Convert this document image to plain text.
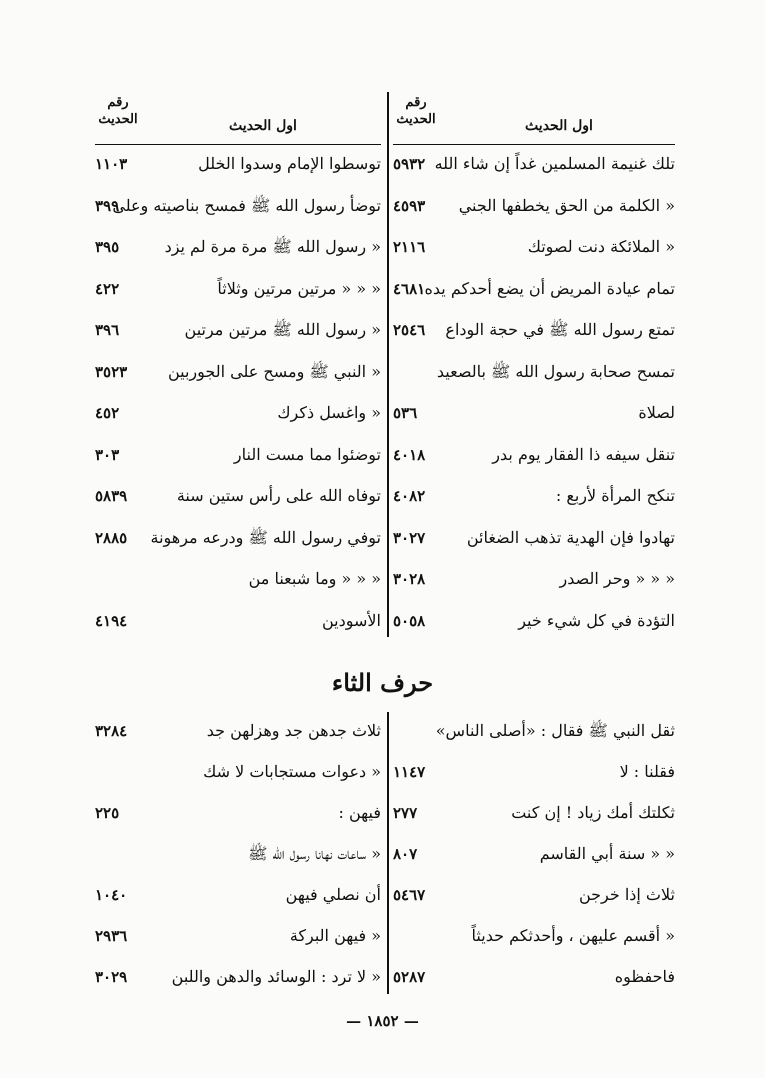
رقم
الحديث	اول الحديث
تلك غنيمة المسلمين غداً إن شاء الله
٥٩٣٢
« الكلمة من الحق يخطفها الجني
٤٥٩٣
« الملائكة دنت لصوتك
٢١١٦
تمام عيادة المريض أن يضع أحدكم يده
٤٦٨١
تمتع رسول الله ﷺ في حجة الوداع
٢٥٤٦
تمسح صحابة رسول الله ﷺ بالصعيد
لصلاة
٥٣٦
تنقل سيفه ذا الفقار يوم بدر
٤٠١٨
تنكح المرأة لأربع :
٤٠٨٢
تهادوا فإن الهدية تذهب الضغائن
٣٠٢٧
« « « وحر الصدر
٣٠٢٨
التؤدة في كل شيء خير
٥٠٥٨
رقم
الحديث	اول الحديث
توسطوا الإمام وسدوا الخلل
١١٠٣
توضأ رسول الله ﷺ فمسح بناصيته وعلى
٣٩٩
« رسول الله ﷺ مرة مرة لم يزد
٣٩٥
« « « مرتين مرتين وثلاثاً
٤٢٢
« رسول الله ﷺ مرتين مرتين
٣٩٦
« النبي ﷺ ومسح على الجوربين
٣٥٢٣
« واغسل ذكرك
٤٥٢
توضئوا مما مست النار
٣٠٣
توفاه الله على رأس ستين سنة
٥٨٣٩
توفي رسول الله ﷺ ودرعه مرهونة
٢٨٨٥
« « « وما شبعنا من
الأسودين
٤١٩٤
حرف الثاء
ثقل النبي ﷺ فقال : «أصلى الناس»
فقلنا : لا
١١٤٧
ثكلتك أمك زياد ! إن كنت
٢٧٧
« « سنة أبي القاسم
٨٠٧
ثلاث إذا خرجن
٥٤٦٧
« أقسم عليهن ، وأحدثكم حديثاً
فاحفظوه
٥٢٨٧
ثلاث جدهن جد وهزلهن جد
٣٢٨٤
« دعوات مستجابات لا شك
فيهن :
٢٢٥
« ساعات نهانا رسول الله ﷺ
أن نصلي فيهن
١٠٤٠
« فيهن البركة
٢٩٣٦
« لا ترد : الوسائد والدهن واللبن
٣٠٢٩
— ١٨٥٢ —
